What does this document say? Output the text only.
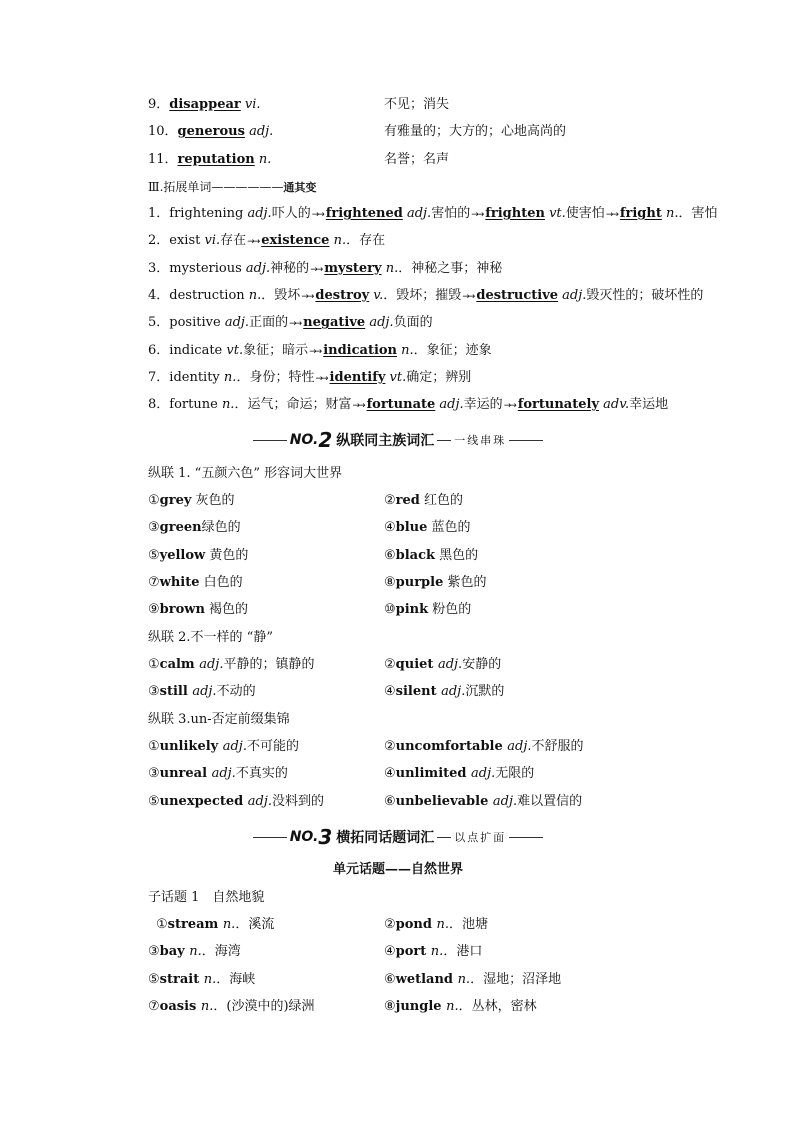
9．disappear vi.	不见；消失
10．generous adj.	有雅量的；大方的；心地高尚的
11．reputation n.	名誉；名声
Ⅲ.拓展单词——————通其变
1．frightening adj.吓人的→→ frightened adj.害怕的→→ frighten vt.使害怕→→ fright n.．害怕
2．exist vi.存在→→ existence n.．存在
3．mysterious adj.神秘的→→ mystery n.．神秘之事；神秘
4．destruction n.．毁坏→→ destroy v.．毁坏；摧毁→→ destructive adj.毁灭性的；破坏性的
5．positive adj.正面的→→ negative adj.负面的
6．indicate vt.象征；暗示→→ indication n.．象征；迹象
7．identity n.．身份；特性→→ identify vt.确定；辨别
8．fortune n.．运气；命运；财富→→ fortunate adj.幸运的→→ fortunately adv.幸运地
NO. 2 纵联同主族词汇 一线串珠
纵联 1. “五颜六色” 形容词大世界
①grey 灰色的	②red 红色的
③green绿色的	④blue 蓝色的
⑤yellow 黄色的	⑥black 黑色的
⑦white 白色的	⑧purple 紫色的
⑨brown 褐色的	⑩pink 粉色的
纵联 2.不一样的 “静”
①calm adj.平静的；镇静的	②quiet adj.安静的
③still adj.不动的	④silent adj.沉默的
纵联 3.un-否定前缀集锦
①unlikely adj.不可能的	②uncomfortable adj.不舒服的
③unreal adj.不真实的	④unlimited adj.无限的
⑤unexpected adj.没料到的	⑥unbelievable adj.难以置信的
NO. 3 横拓同话题词汇 以点扩面
单元话题——自然世界
子话题 1　自然地貌
①stream n.．溪流	②pond n.．池塘
③bay n.．海湾	④port n.．港口
⑤strait n.．海峡	⑥wetland n.．湿地；沼泽地
⑦oasis n.．(沙漠中的)绿洲	⑧jungle n.．丛林，密林
